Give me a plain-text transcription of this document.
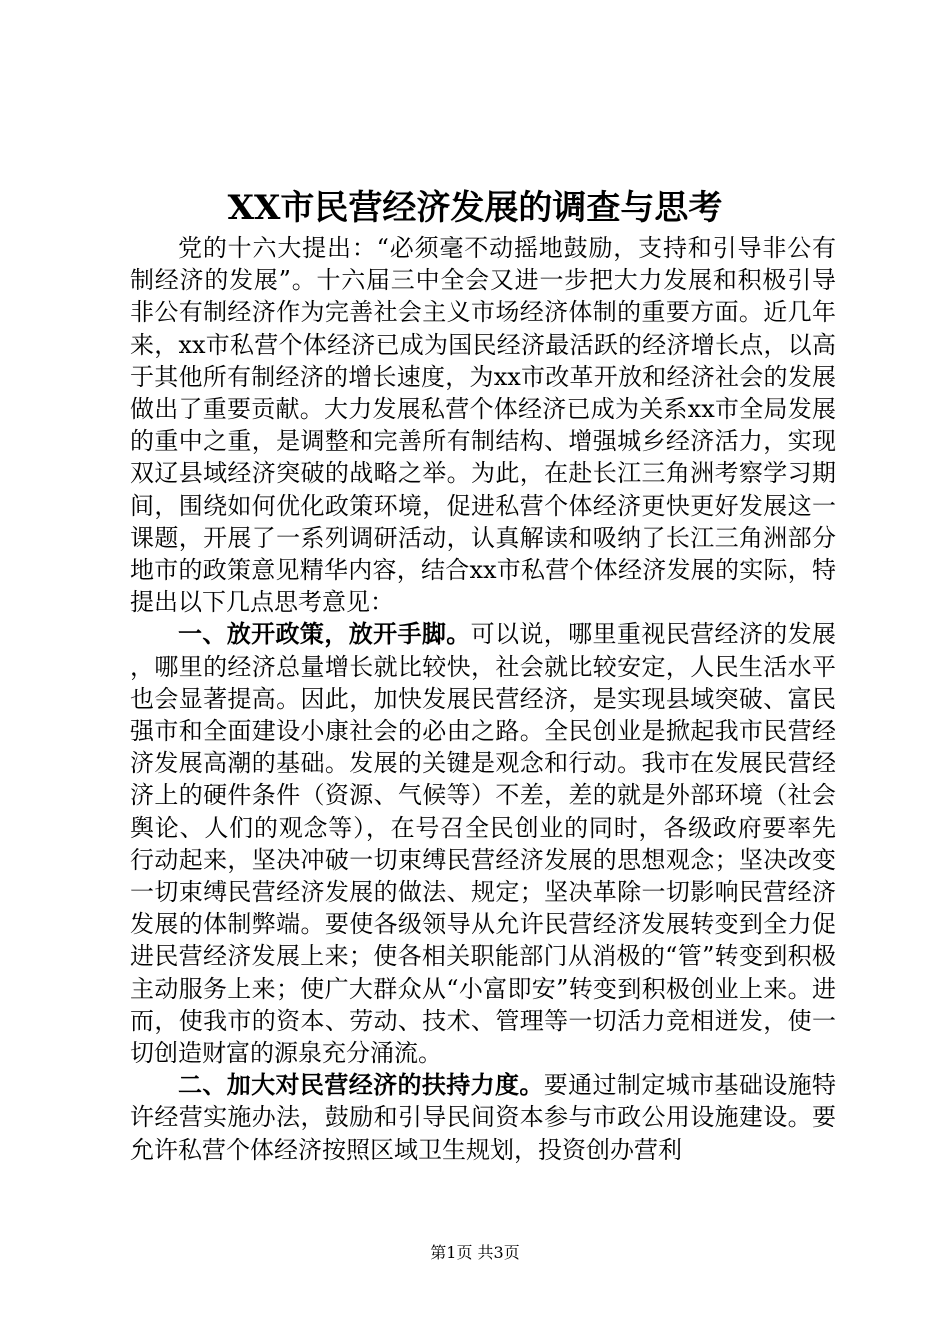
XX市民营经济发展的调查与思考

党的十六大提出：“必须毫不动摇地鼓励，支持和引导非公有制经济的发展”。十六届三中全会又进一步把大力发展和积极引导非公有制经济作为完善社会主义市场经济体制的重要方面。近几年来，xx市私营个体经济已成为国民经济最活跃的经济增长点，以高于其他所有制经济的增长速度，为xx市改革开放和经济社会的发展做出了重要贡献。大力发展私营个体经济已成为关系xx市全局发展的重中之重，是调整和完善所有制结构、增强城乡经济活力，实现双辽县域经济突破的战略之举。为此，在赴长江三角洲考察学习期间，围绕如何优化政策环境，促进私营个体经济更快更好发展这一课题，开展了一系列调研活动，认真解读和吸纳了长江三角洲部分地市的政策意见精华内容，结合xx市私营个体经济发展的实际，特提出以下几点思考意见：

一、放开政策，放开手脚。可以说，哪里重视民营经济的发展，哪里的经济总量增长就比较快，社会就比较安定，人民生活水平也会显著提高。因此，加快发展民营经济，是实现县域突破、富民强市和全面建设小康社会的必由之路。全民创业是掀起我市民营经济发展高潮的基础。发展的关键是观念和行动。我市在发展民营经济上的硬件条件（资源、气候等）不差，差的就是外部环境（社会舆论、人们的观念等），在号召全民创业的同时，各级政府要率先行动起来，坚决冲破一切束缚民营经济发展的思想观念；坚决改变一切束缚民营经济发展的做法、规定；坚决革除一切影响民营经济发展的体制弊端。要使各级领导从允许民营经济发展转变到全力促进民营经济发展上来；使各相关职能部门从消极的“管”转变到积极主动服务上来；使广大群众从“小富即安”转变到积极创业上来。进而，使我市的资本、劳动、技术、管理等一切活力竞相迸发，使一切创造财富的源泉充分涌流。

二、加大对民营经济的扶持力度。要通过制定城市基础设施特许经营实施办法，鼓励和引导民间资本参与市政公用设施建设。要允许私营个体经济按照区域卫生规划，投资创办营利

第1页 共3页
